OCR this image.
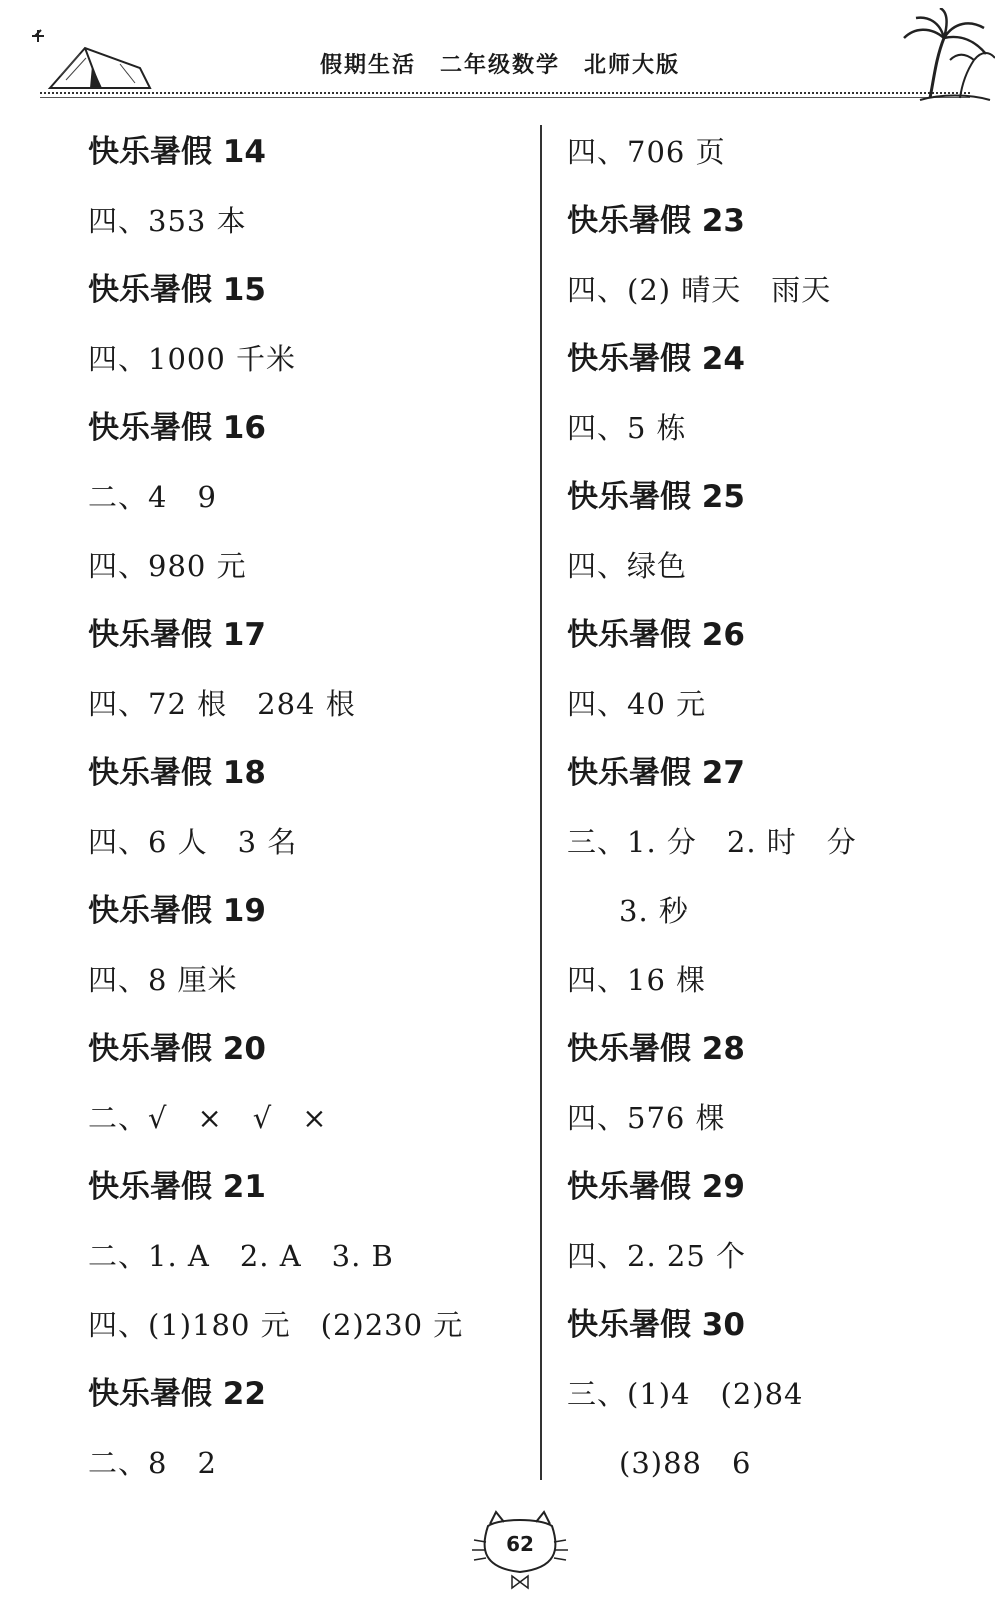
假期生活　二年级数学　北师大版
快乐暑假 14
四、353 本
快乐暑假 15
四、1000 千米
快乐暑假 16
二、4　9
四、980 元
快乐暑假 17
四、72 根　284 根
快乐暑假 18
四、6 人　3 名
快乐暑假 19
四、8 厘米
快乐暑假 20
二、√　×　√　×
快乐暑假 21
二、1. A　2. A　3. B
四、(1)180 元　(2)230 元
快乐暑假 22
二、8　2
四、706 页
快乐暑假 23
四、(2) 晴天　雨天
快乐暑假 24
四、5 栋
快乐暑假 25
四、绿色
快乐暑假 26
四、40 元
快乐暑假 27
三、1. 分　2. 时　分
3. 秒
四、16 棵
快乐暑假 28
四、576 棵
快乐暑假 29
四、2. 25 个
快乐暑假 30
三、(1)4　(2)84
(3)88　6
62
